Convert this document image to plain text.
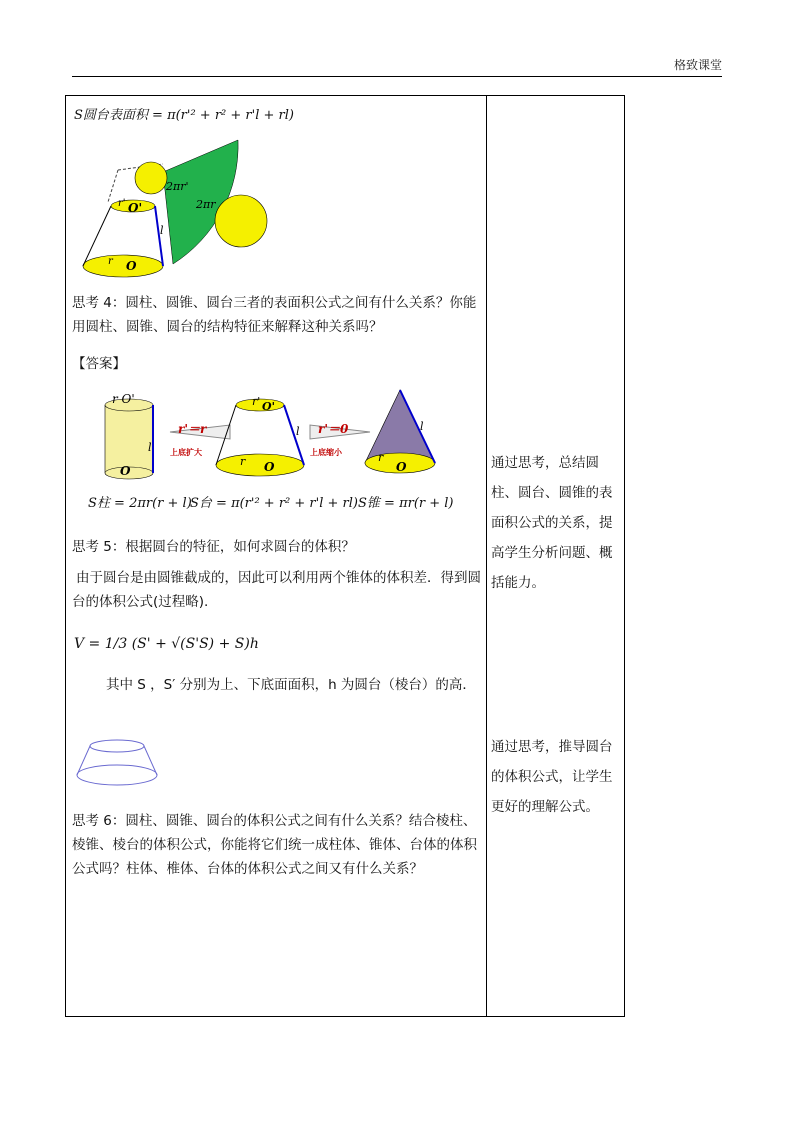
格致课堂
S圆台表面积 = π(r'² + r² + r'l + rl)
2πr'
2πr
r' O'
l
r O
思考 4：圆柱、圆锥、圆台三者的表面积公式之间有什么关系？你能用圆柱、圆锥、圆台的结构特征来解释这种关系吗？
【答案】
r O'
l
O
r'＝r
上底扩大
r' O'
l
r O
r'＝0
上底缩小
l
r
O
S柱 = 2πr(r + l)
S台 = π(r'² + r² + r'l + rl) S锥 = πr(r + l)
思考 5：根据圆台的特征，如何求圆台的体积？
由于圆台是由圆锥截成的，因此可以利用两个锥体的体积差．得到圆台的体积公式(过程略).
V = 1/3 (S' + √(S'S) + S)h
其中 S ，S′ 分别为上、下底面面积，h 为圆台（棱台）的高．
思考 6：圆柱、圆锥、圆台的体积公式之间有什么关系？结合棱柱、棱锥、棱台的体积公式，你能将它们统一成柱体、锥体、台体的体积公式吗？柱体、椎体、台体的体积公式之间又有什么关系？
通过思考，总结圆柱、圆台、圆锥的表面积公式的关系，提高学生分析问题、概括能力。
通过思考，推导圆台的体积公式，让学生更好的理解公式。
